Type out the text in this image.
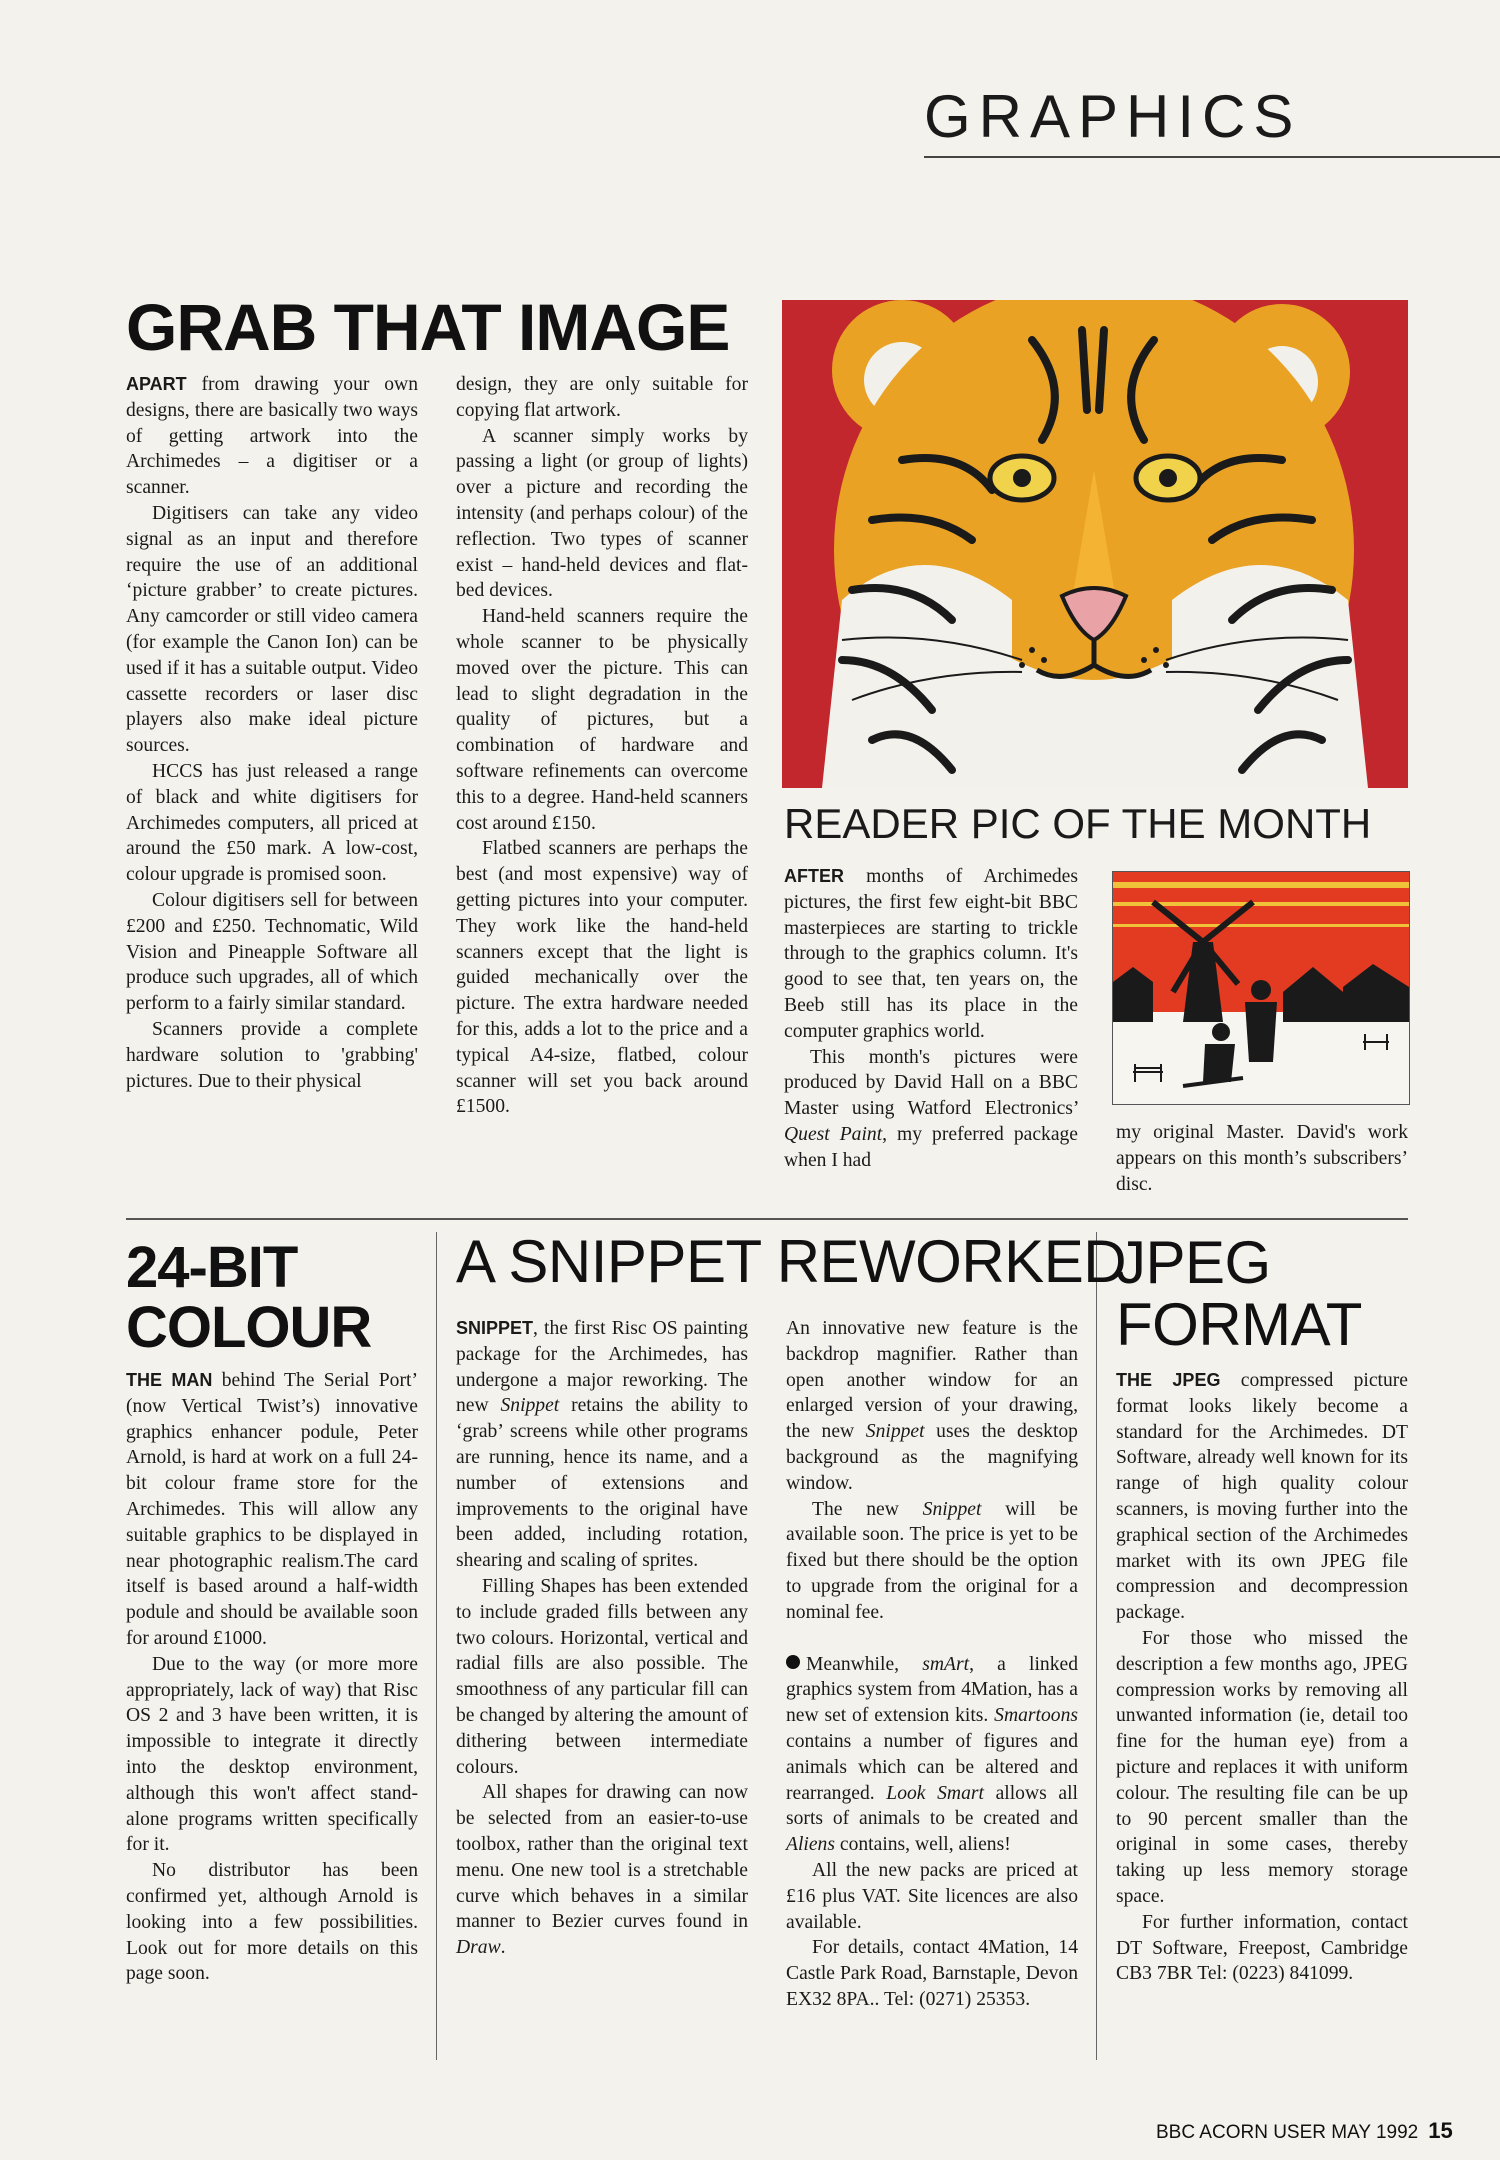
GRAPHICS
GRAB THAT IMAGE

APART from drawing your own designs, there are basically two ways of getting artwork into the Archimedes – a digitiser or a scanner.

Digitisers can take any video signal as an input and therefore require the use of an additional ‘picture grabber’ to create pictures. Any camcorder or still video camera (for example the Canon Ion) can be used if it has a suitable output. Video cassette recorders or laser disc players also make ideal picture sources.

HCCS has just released a range of black and white digitisers for Archimedes computers, all priced at around the £50 mark. A low-cost, colour upgrade is promised soon.

Colour digitisers sell for between £200 and £250. Technomatic, Wild Vision and Pineapple Software all produce such upgrades, all of which perform to a fairly similar standard.

Scanners provide a complete hardware solution to 'grabbing' pictures. Due to their physical

design, they are only suitable for copying flat artwork.

A scanner simply works by passing a light (or group of lights) over a picture and recording the intensity (and perhaps colour) of the reflection. Two types of scanner exist – hand-held devices and flat-bed devices.

Hand-held scanners require the whole scanner to be physically moved over the picture. This can lead to slight degradation in the quality of pictures, but a combination of hardware and software refinements can overcome this to a degree. Hand-held scanners cost around £150.

Flatbed scanners are perhaps the best (and most expensive) way of getting pictures into your computer. They work like the hand-held scanners except that the light is guided mechanically over the picture. The extra hardware needed for this, adds a lot to the price and a typical A4-size, flatbed, colour scanner will set you back around £1500.

READER PIC OF THE MONTH

AFTER months of Archimedes pictures, the first few eight-bit BBC masterpieces are starting to trickle through to the graphics column. It's good to see that, ten years on, the Beeb still has its place in the computer graphics world.

This month's pictures were produced by David Hall on a BBC Master using Watford Electronics’ Quest Paint, my preferred package when I had

my original Master. David's work appears on this month’s subscribers’ disc.

24-BIT
COLOUR

THE MAN behind The Serial Port’ (now Vertical Twist’s) innovative graphics enhancer podule, Peter Arnold, is hard at work on a full 24-bit colour frame store for the Archimedes. This will allow any suitable graphics to be displayed in near photographic realism.The card itself is based around a half-width podule and should be available soon for around £1000.

Due to the way (or more more appropriately, lack of way) that Risc OS 2 and 3 have been written, it is impossible to integrate it directly into the desktop environment, although this won't affect stand-alone programs written specifically for it.

No distributor has been confirmed yet, although Arnold is looking into a few possibilities. Look out for more details on this page soon.

A SNIPPET REWORKED

SNIPPET, the first Risc OS painting package for the Archimedes, has undergone a major reworking. The new Snippet retains the ability to ‘grab’ screens while other programs are running, hence its name, and a number of extensions and improvements to the original have been added, including rotation, shearing and scaling of sprites.

Filling Shapes has been extended to include graded fills between any two colours. Horizontal, vertical and radial fills are also possible. The smoothness of any particular fill can be changed by altering the amount of dithering between intermediate colours.

All shapes for drawing can now be selected from an easier-to-use toolbox, rather than the original text menu. One new tool is a stretchable curve which behaves in a similar manner to Bezier curves found in Draw.

An innovative new feature is the backdrop magnifier. Rather than open another window for an enlarged version of your drawing, the new Snippet uses the desktop background as the magnifying window.

The new Snippet will be available soon. The price is yet to be fixed but there should be the option to upgrade from the original for a nominal fee.

Meanwhile, smArt, a linked graphics system from 4Mation, has a new set of extension kits. Smartoons contains a number of figures and animals which can be altered and rearranged. Look Smart allows all sorts of animals to be created and Aliens contains, well, aliens!

All the new packs are priced at £16 plus VAT. Site licences are also available.

For details, contact 4Mation, 14 Castle Park Road, Barnstaple, Devon EX32 8PA.. Tel: (0271) 25353.

JPEG
FORMAT

THE JPEG compressed picture format looks likely become a standard for the Archimedes. DT Software, already well known for its range of high quality colour scanners, is moving further into the graphical section of the Archimedes market with its own JPEG file compression and decompression package.

For those who missed the description a few months ago, JPEG compression works by removing all unwanted information (ie, detail too fine for the human eye) from a picture and replaces it with uniform colour. The resulting file can be up to 90 percent smaller than the original in some cases, thereby taking up less memory storage space.

For further information, contact DT Software, Freepost, Cambridge CB3 7BR Tel: (0223) 841099.

BBC ACORN USER MAY 1992 15
